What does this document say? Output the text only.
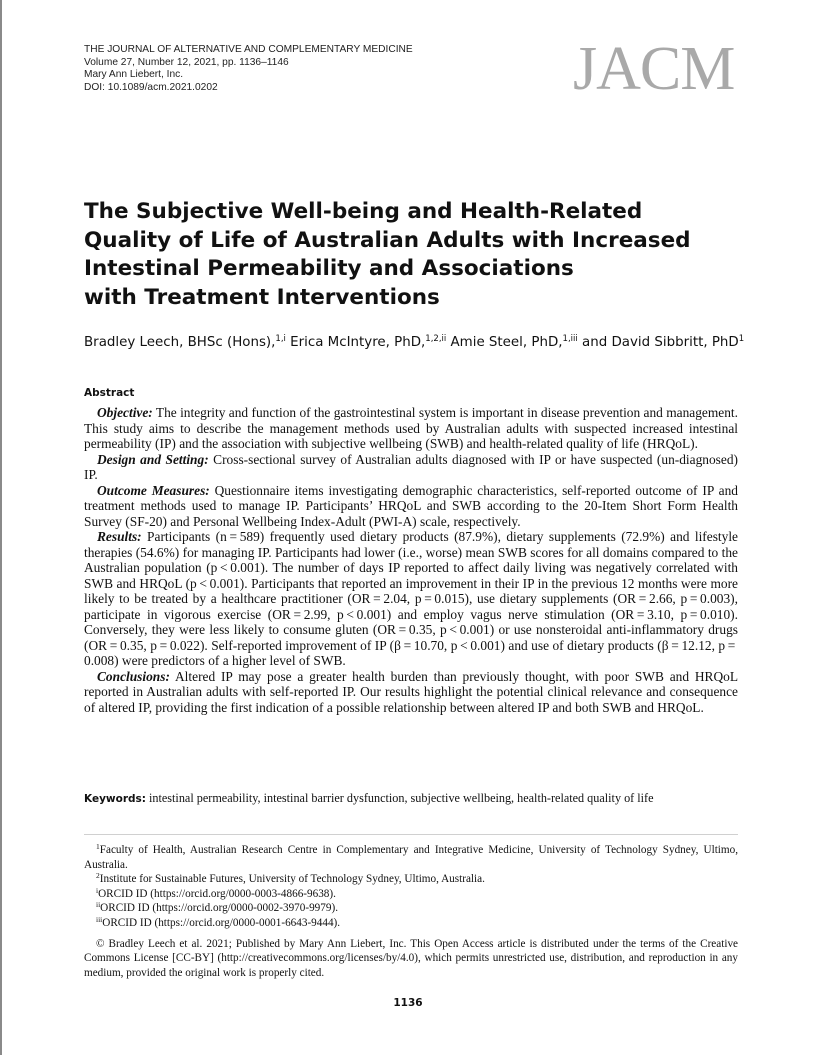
THE JOURNAL OF ALTERNATIVE AND COMPLEMENTARY MEDICINE
Volume 27, Number 12, 2021, pp. 1136–1146
Mary Ann Liebert, Inc.
DOI: 10.1089/acm.2021.0202	JACM
The Subjective Well-being and Health-Related
Quality of Life of Australian Adults with Increased
Intestinal Permeability and Associations
with Treatment Interventions
Bradley Leech, BHSc (Hons),$^{1,i}$ Erica McIntyre, PhD,$^{1,2,ii}$ Amie Steel, PhD,$^{1,iii}$ and David Sibbritt, PhD$^1$
Abstract

Objective: The integrity and function of the gastrointestinal system is important in disease prevention and management. This study aims to describe the management methods used by Australian adults with suspected increased intestinal permeability (IP) and the association with subjective wellbeing (SWB) and health-related quality of life (HRQoL).

Design and Setting: Cross-sectional survey of Australian adults diagnosed with IP or have suspected (un-diagnosed) IP.

Outcome Measures: Questionnaire items investigating demographic characteristics, self-reported outcome of IP and treatment methods used to manage IP. Participants’ HRQoL and SWB according to the 20-Item Short Form Health Survey (SF-20) and Personal Wellbeing Index-Adult (PWI-A) scale, respectively.

Results: Participants (n = 589) frequently used dietary products (87.9%), dietary supplements (72.9%) and lifestyle therapies (54.6%) for managing IP. Participants had lower (i.e., worse) mean SWB scores for all domains compared to the Australian population (p < 0.001). The number of days IP reported to affect daily living was negatively correlated with SWB and HRQoL (p < 0.001). Participants that reported an improvement in their IP in the previous 12 months were more likely to be treated by a healthcare practitioner (OR = 2.04, p = 0.015), use dietary supplements (OR = 2.66, p = 0.003), participate in vigorous exercise (OR = 2.99, p < 0.001) and employ vagus nerve stimulation (OR = 3.10, p = 0.010). Conversely, they were less likely to consume gluten (OR = 0.35, p < 0.001) or use nonsteroidal anti-inflammatory drugs (OR = 0.35, p = 0.022). Self-reported improvement of IP (β = 10.70, p < 0.001) and use of dietary products (β = 12.12, p = 0.008) were predictors of a higher level of SWB.

Conclusions: Altered IP may pose a greater health burden than previously thought, with poor SWB and HRQoL reported in Australian adults with self-reported IP. Our results highlight the potential clinical relevance and consequence of altered IP, providing the first indication of a possible relationship between altered IP and both SWB and HRQoL.

Keywords: intestinal permeability, intestinal barrier dysfunction, subjective wellbeing, health-related quality of life

$^1$Faculty of Health, Australian Research Centre in Complementary and Integrative Medicine, University of Technology Sydney, Ultimo, Australia.

$^2$Institute for Sustainable Futures, University of Technology Sydney, Ultimo, Australia.

$^i$ORCID ID (https://orcid.org/0000-0003-4866-9638).

$^{ii}$ORCID ID (https://orcid.org/0000-0002-3970-9979).

$^{iii}$ORCID ID (https://orcid.org/0000-0001-6643-9444).

© Bradley Leech et al. 2021; Published by Mary Ann Liebert, Inc. This Open Access article is distributed under the terms of the Creative Commons License [CC-BY] (http://creativecommons.org/licenses/by/4.0), which permits unrestricted use, distribution, and reproduction in any medium, provided the original work is properly cited.

1136
